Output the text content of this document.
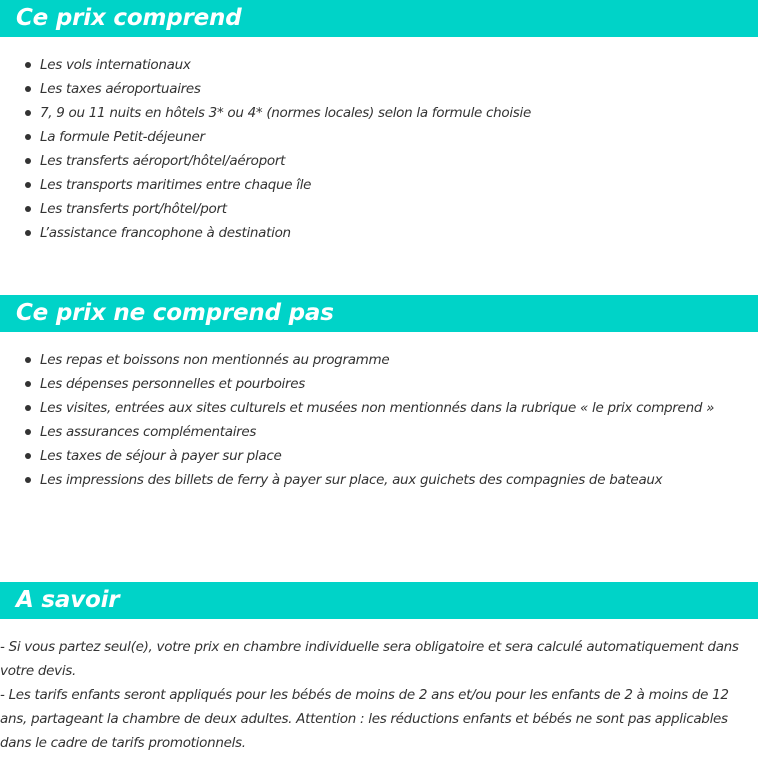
Ce prix comprend
Les vols internationaux
Les taxes aéroportuaires
7, 9 ou 11 nuits en hôtels 3* ou 4* (normes locales) selon la formule choisie
La formule Petit-déjeuner
Les transferts aéroport/hôtel/aéroport
Les transports maritimes entre chaque île
Les transferts port/hôtel/port
L’assistance francophone à destination
Ce prix ne comprend pas
Les repas et boissons non mentionnés au programme
Les dépenses personnelles et pourboires
Les visites, entrées aux sites culturels et musées non mentionnés dans la rubrique « le prix comprend »
Les assurances complémentaires
Les taxes de séjour à payer sur place
Les impressions des billets de ferry à payer sur place, aux guichets des compagnies de bateaux
A savoir

- Si vous partez seul(e), votre prix en chambre individuelle sera obligatoire et sera calculé automatiquement dans votre devis.

- Les tarifs enfants seront appliqués pour les bébés de moins de 2 ans et/ou pour les enfants de 2 à moins de 12 ans, partageant la chambre de deux adultes. Attention : les réductions enfants et bébés ne sont pas applicables dans le cadre de tarifs promotionnels.
